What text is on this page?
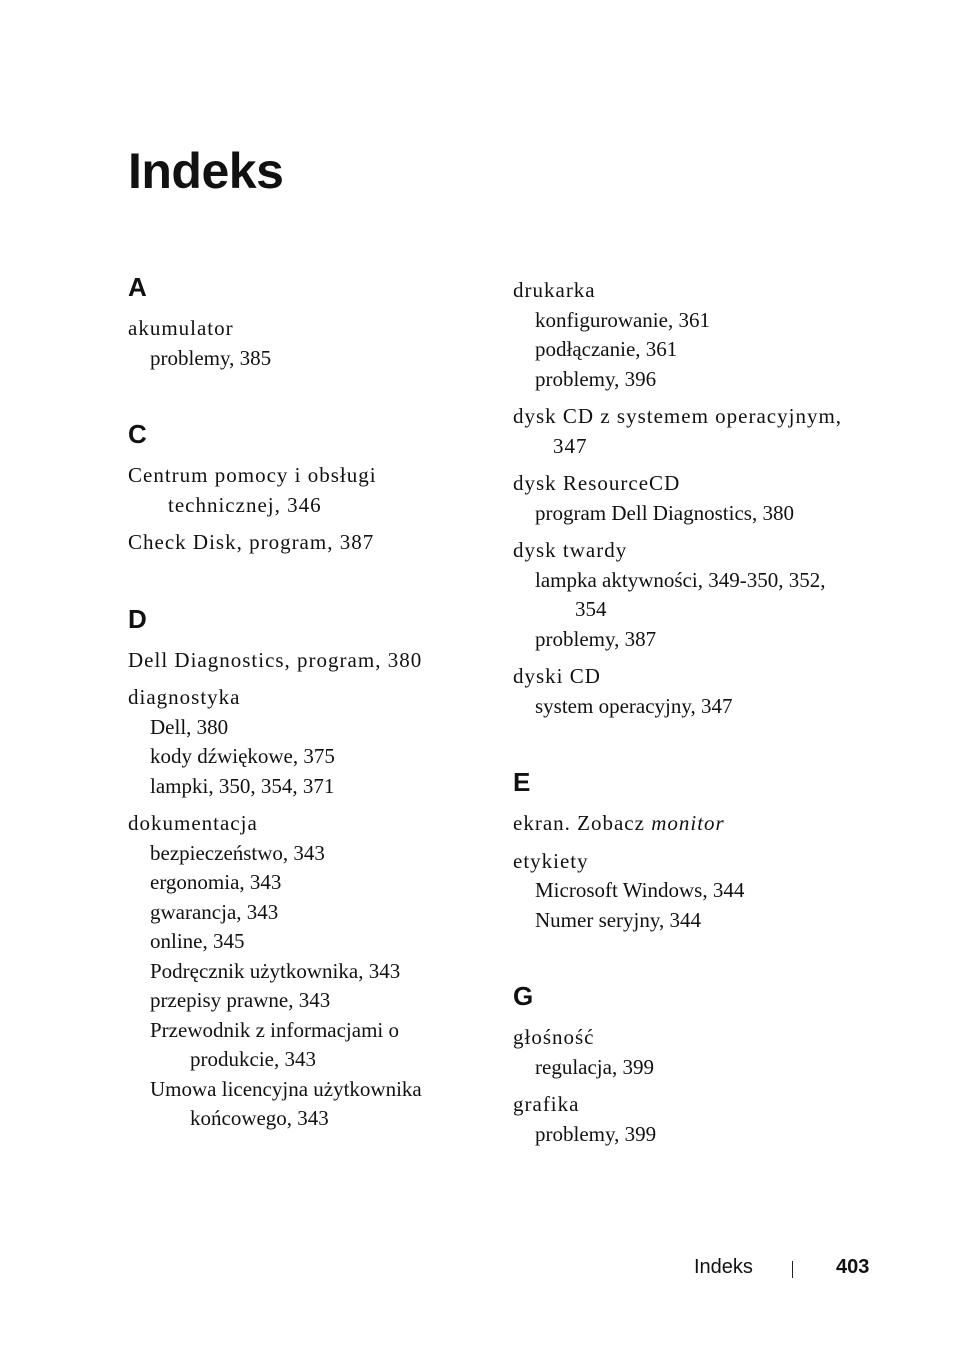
Indeks
A
akumulator
problemy, 385
C
Centrum pomocy i obsługi technicznej, 346
Check Disk, program, 387
D
Dell Diagnostics, program, 380
diagnostyka
Dell, 380
kody dźwiękowe, 375
lampki, 350, 354, 371
dokumentacja
bezpieczeństwo, 343
ergonomia, 343
gwarancja, 343
online, 345
Podręcznik użytkownika, 343
przepisy prawne, 343
Przewodnik z informacjami o produkcie, 343
Umowa licencyjna użytkownika końcowego, 343
drukarka
konfigurowanie, 361
podłączanie, 361
problemy, 396
dysk CD z systemem operacyjnym, 347
dysk ResourceCD
program Dell Diagnostics, 380
dysk twardy
lampka aktywności, 349-350, 352, 354
problemy, 387
dyski CD
system operacyjny, 347
E
ekran. Zobacz monitor
etykiety
Microsoft Windows, 344
Numer seryjny, 344
G
głośność
regulacja, 399
grafika
problemy, 399
Indeks	403
